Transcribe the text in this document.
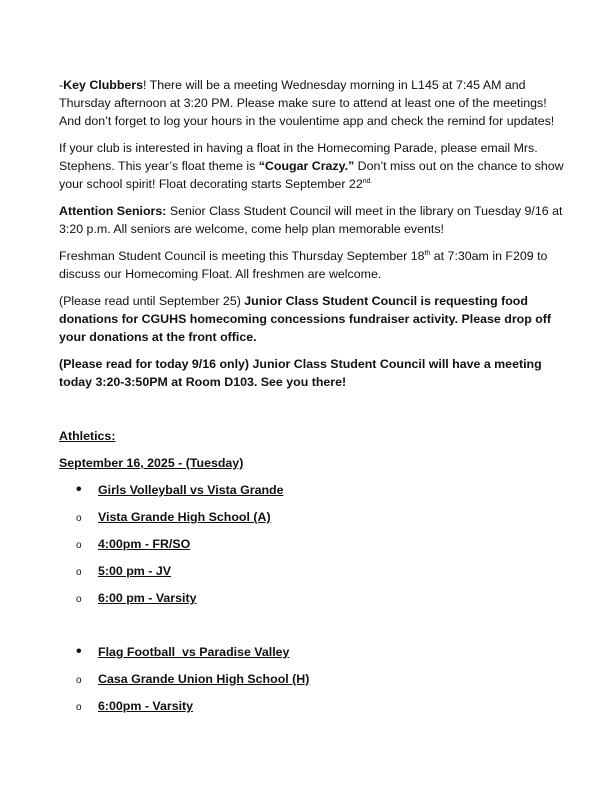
-Key Clubbers! There will be a meeting Wednesday morning in L145 at 7:45 AM and Thursday afternoon at 3:20 PM. Please make sure to attend at least one of the meetings! And don’t forget to log your hours in the voulentime app and check the remind for updates!

If your club is interested in having a float in the Homecoming Parade, please email Mrs. Stephens. This year’s float theme is “Cougar Crazy.” Don’t miss out on the chance to show your school spirit! Float decorating starts September $22^{nd.}$

Attention Seniors: Senior Class Student Council will meet in the library on Tuesday 9/16 at 3:20 p.m. All seniors are welcome, come help plan memorable events!

Freshman Student Council is meeting this Thursday September 18th at 7:30am in F209 to discuss our Homecoming Float. All freshmen are welcome.

(Please read until September 25) Junior Class Student Council is requesting food donations for CGUHS homecoming concessions fundraiser activity. Please drop off your donations at the front office.

(Please read for today 9/16 only) Junior Class Student Council will have a meeting today 3:20-3:50PM at Room D103. See you there!

Athletics:
September 16, 2025 - (Tuesday)
•
Girls Volleyball vs Vista Grande
o
Vista Grande High School (A)
o
4:00pm - FR/SO
o
5:00 pm - JV
o
6:00 pm - Varsity
•
Flag Football  vs Paradise Valley
o
Casa Grande Union High School (H)
o
6:00pm - Varsity
